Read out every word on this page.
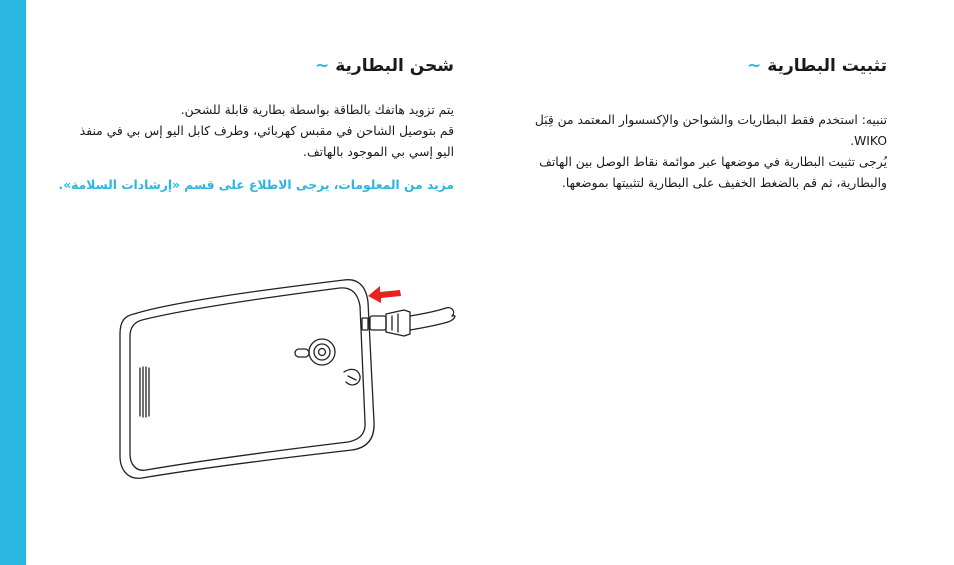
تثبيت البطارية
~

تنبيه: استخدم فقط البطاريات والشواحن والإكسسوار المعتمد من قِبَل
WIKO.
يُرجى تثبيت البطارية في موضعها عبر موائمة نقاط الوصل بين الهاتف
والبطارية، ثم قم بالضغط الخفيف على البطارية لتثبيتها بموضعها.

شحن البطارية
~

يتم تزويد هاتفك بالطاقة بواسطة بطارية قابلة للشحن.
قم بتوصيل الشاحن في مقبس كهربائي، وطرف كابل اليو إس بي في منفذ
اليو إسي بي الموجود بالهاتف.

مزيد من المعلومات، يرجى الاطلاع على قسم «إرشادات السلامة».
